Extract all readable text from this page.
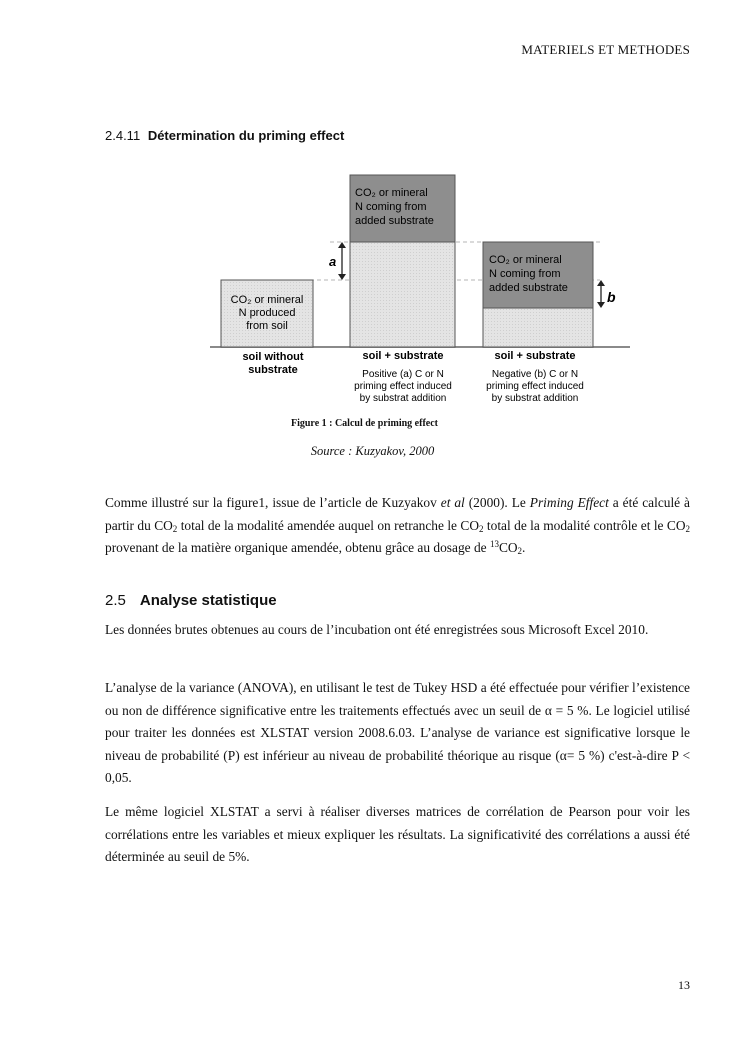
MATERIELS ET METHODES
2.4.11 Détermination du priming effect
CO₂ or mineral
N produced
from soil
CO₂ or mineral
N coming from
added substrate
a	CO₂ or mineral
N coming from
added substrate
b
soil without
substrate
soil + substrate	soil + substrate
Positive (a) C or N
priming effect induced
by substrat addition
Negative (b) C or N
priming effect induced
by substrat addition
Figure 1 : Calcul de priming effect
Source : Kuzyakov, 2000

Comme illustré sur la figure1, issue de l’article de Kuzyakov et al (2000). Le Priming Effect a été calculé à partir du $CO_2$ total de la modalité amendée auquel on retranche le $CO_2$ total de la modalité contrôle et le $CO_2$ provenant de la matière organique amendée, obtenu grâce au dosage de $^{13}CO_2$.

2.5 Analyse statistique

Les données brutes obtenues au cours de l’incubation ont été enregistrées sous Microsoft Excel 2010.

L’analyse de la variance (ANOVA), en utilisant le test de Tukey HSD a été effectuée pour vérifier l’existence ou non de différence significative entre les traitements effectués avec un seuil de α = 5 %. Le logiciel utilisé pour traiter les données est XLSTAT version 2008.6.03. L’analyse de variance est significative lorsque le niveau de probabilité (P) est inférieur au niveau de probabilité théorique au risque (α= 5 %) c'est-à-dire P ˂ 0,05.

Le même logiciel XLSTAT a servi à réaliser diverses matrices de corrélation de Pearson pour voir les corrélations entre les variables et mieux expliquer les résultats. La significativité des corrélations a aussi été déterminée au seuil de 5%.

13
